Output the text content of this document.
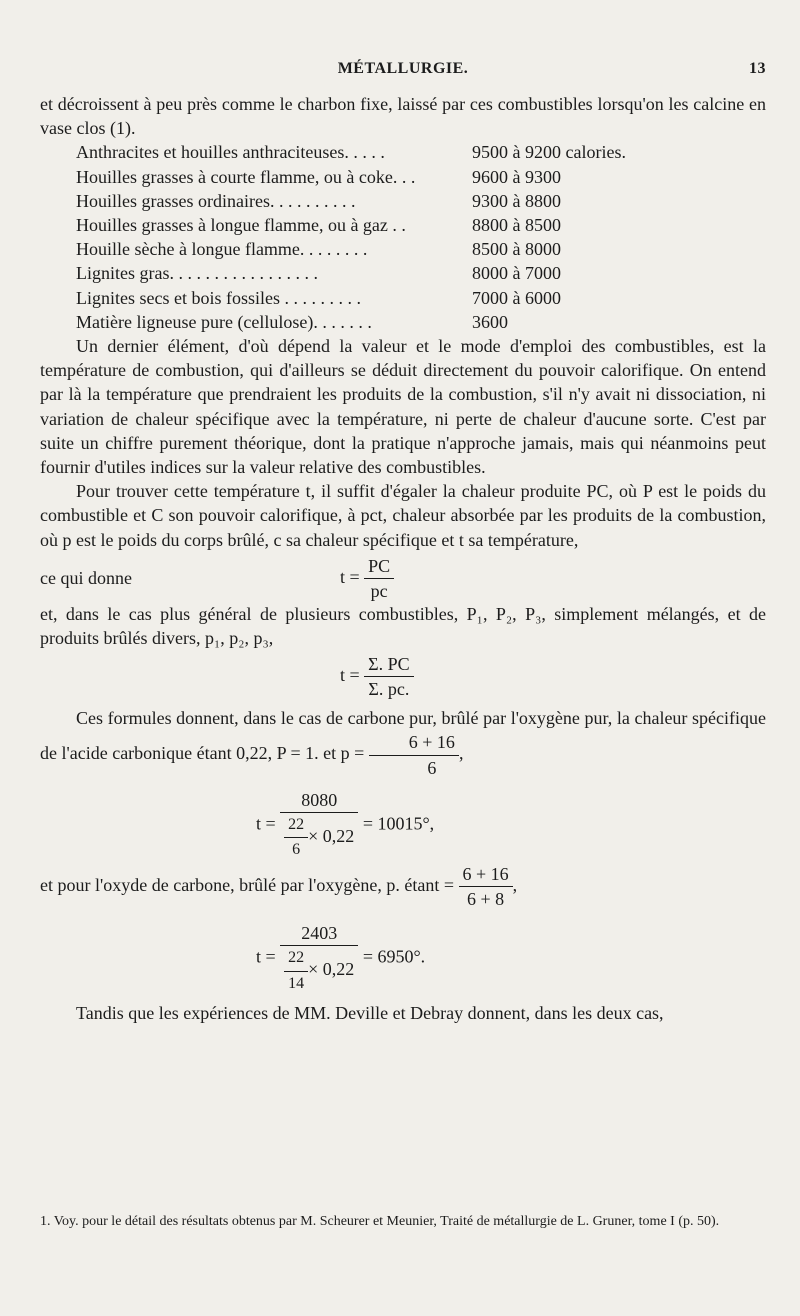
MÉTALLURGIE.	13

et décroissent à peu près comme le charbon fixe, laissé par ces combustibles lorsqu'on les calcine en vase clos (1).

Anthracites et houilles anthraciteuses. . . . .	9500 à 9200 calories.
Houilles grasses à courte flamme, ou à coke. . .	9600 à 9300
Houilles grasses ordinaires. . . . . . . . . .	9300 à 8800
Houilles grasses à longue flamme, ou à gaz . .	8800 à 8500
Houille sèche à longue flamme. . . . . . . .	8500 à 8000
Lignites gras. . . . . . . . . . . . . . . . .	8000 à 7000
Lignites secs et bois fossiles . . . . . . . . .	7000 à 6000
Matière ligneuse pure (cellulose). . . . . . .	3600

Un dernier élément, d'où dépend la valeur et le mode d'emploi des combustibles, est la température de combustion, qui d'ailleurs se déduit directement du pouvoir calorifique. On entend par là la température que prendraient les produits de la combustion, s'il n'y avait ni dissociation, ni variation de chaleur spécifique avec la température, ni perte de chaleur d'aucune sorte. C'est par suite un chiffre purement théorique, dont la pratique n'approche jamais, mais qui néanmoins peut fournir d'utiles indices sur la valeur relative des combustibles.

Pour trouver cette température t, il suffit d'égaler la chaleur produite PC, où P est le poids du combustible et C son pouvoir calorifique, à pct, chaleur absorbée par les produits de la combustion, où p est le poids du corps brûlé, c sa chaleur spécifique et t sa température,

ce qui donne	$t = \frac{PC}{pc}$

et, dans le cas plus général de plusieurs combustibles, P₁, P₂, P₃, simplement mélangés, et de produits brûlés divers, p₁, p₂, p₃,

$t = \frac{\Sigma. PC}{\Sigma. pc.}$

Ces formules donnent, dans le cas de carbone pur, brûlé par l'oxygène pur, la chaleur spécifique de l'acide carbonique étant 0,22, P = 1. et $p = \frac{6 + 16}{6}$ ,

$t = \frac{8080}{\frac{22}{6} \times 0,22} = 10015^\circ$,

et pour l'oxyde de carbone, brûlé par l'oxygène, p. étant = $\frac{6 + 16}{6 + 8}$ ,

$t = \frac{2403}{\frac{22}{14} \times 0,22} = 6950^\circ$.

Tandis que les expériences de MM. Deville et Debray donnent, dans les deux cas,

1. Voy. pour le détail des résultats obtenus par M. Scheurer et Meunier, Traité de métallurgie de L. Gruner, tome I (p. 50).
